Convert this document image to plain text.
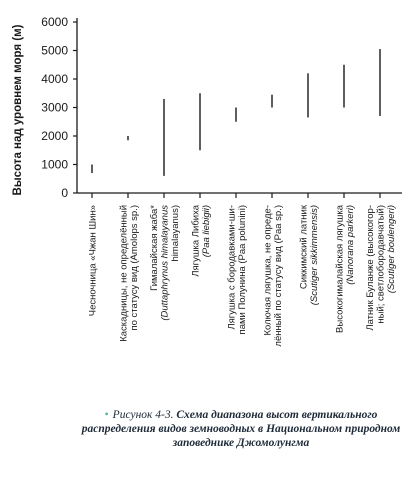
0
1000
2000
3000
4000
5000
6000
Высота над уровнем моря (м)
Чесночница «Чжан Шин» Каскадницы, не определённый по статусу вид (Amolops sp.) Гималайская жаба* (Duttaphrynus himalayanus himalayanus) Лягушка Либиха (Paa liebigii) Лягушка с бородавками-ши- пами Полунина (Paa polunini) Колючая лягушка, не опреде- лённый по статусу вид (Paa sp.) Сиккимский латник (Scutiger sikkimmensis) Высокогималайская лягушка (Nanorana parkeri) Латник Буланже (высокогор- ный; светлобородавчатый) (Scutiger boulengeri)
• Рисунок 4-3. Схема диапазона высот вертикального распределения видов земноводных в Национальном природном заповеднике Джомолунгма
